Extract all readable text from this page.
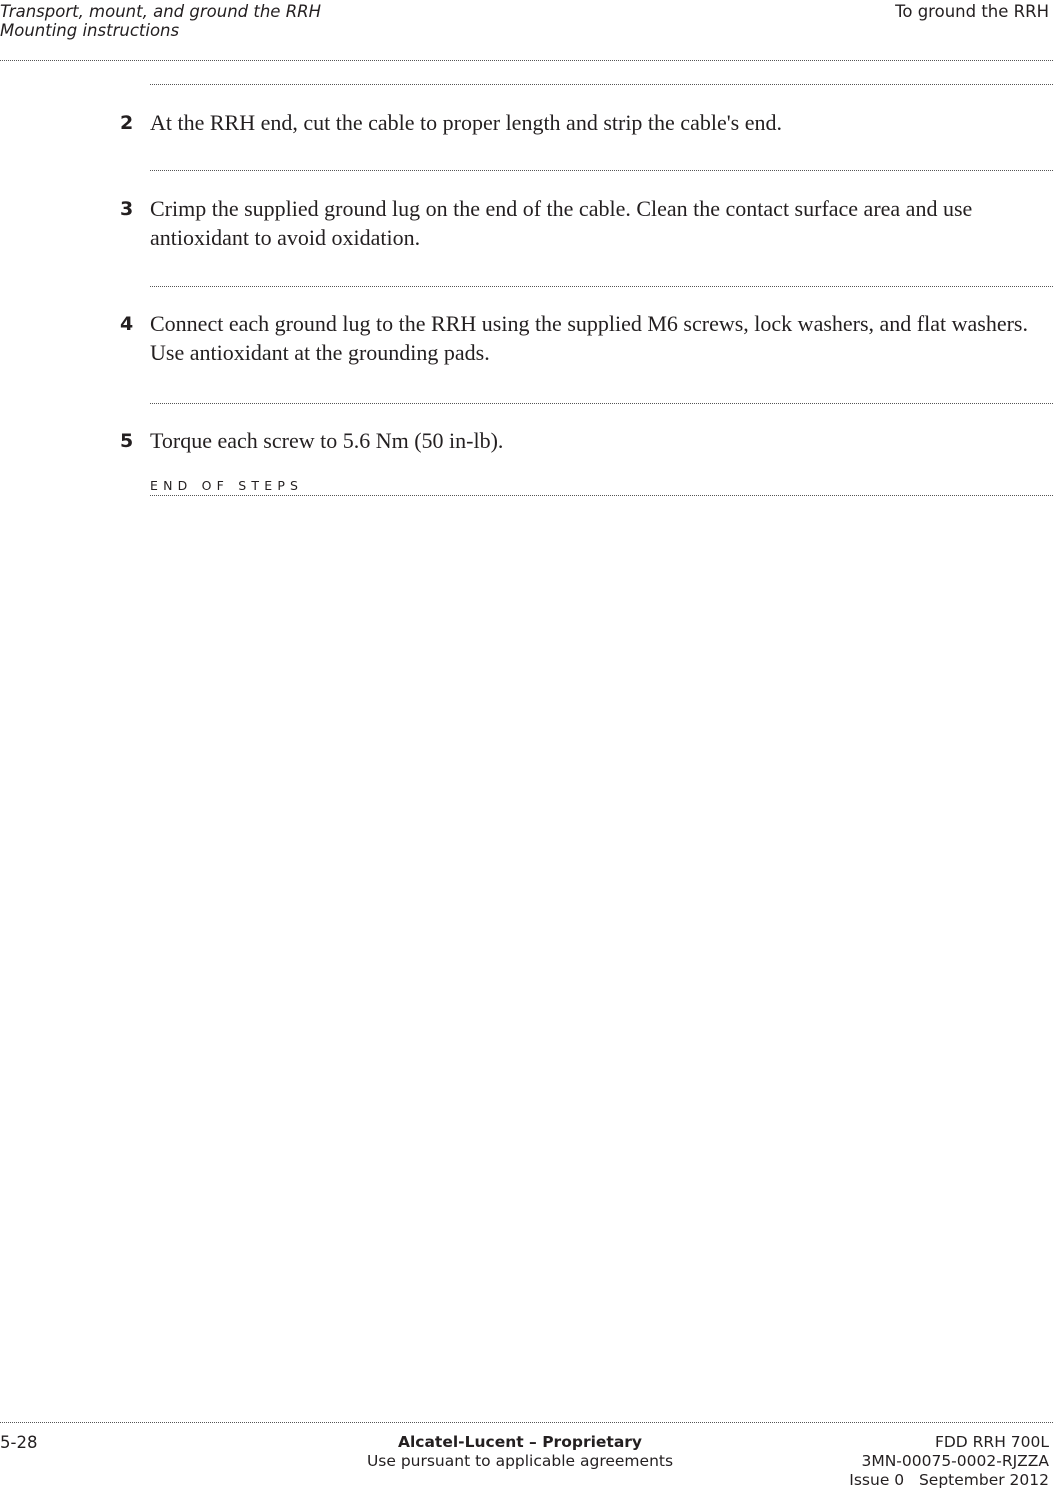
Transport, mount, and ground the RRH
Mounting instructions
To ground the RRH
2 At the RRH end, cut the cable to proper length and strip the cable's end.
3 Crimp the supplied ground lug on the end of the cable. Clean the contact surface area and use antioxidant to avoid oxidation.
4 Connect each ground lug to the RRH using the supplied M6 screws, lock washers, and flat washers. Use antioxidant at the grounding pads.
5 Torque each screw to 5.6 Nm (50 in-lb).
END OF STEPS
5-28	Alcatel-Lucent – Proprietary
Use pursuant to applicable agreements
FDD RRH 700L
3MN-00075-0002-RJZZA
Issue 0 September 2012
